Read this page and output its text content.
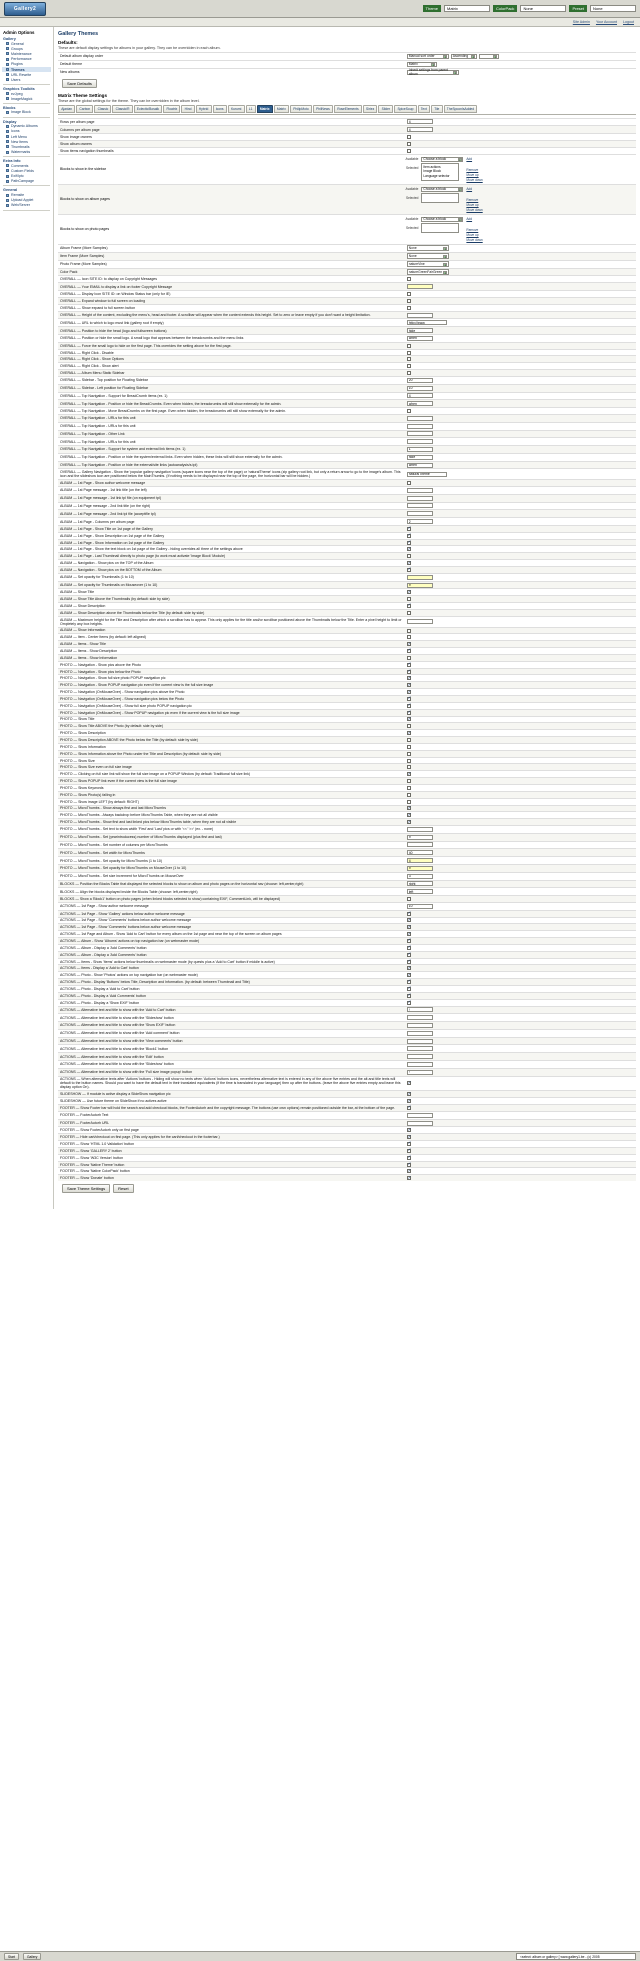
Gallery2	Theme	Matrix	ColorPack	None	Preset	None
Site Admin Your Account Logout
Admin Options
Gallery
General
Groups
Maintenance
Performance
Plugins
Themes
URL Rewrite
Users
Graphics Toolkits
ezJpeg
ImageMagick
Blocks
Image Block
Display
Dynamic Albums
Icons
Left Menu
New Items
Thumbnails
Watermarks
Extra Info
Comments
Custom Fields
Exif/Iptc
PathCampage
General
Remsite
Upload Applet
Web/Server
Gallery Themes
Defaults:
These are default display settings for albums in your gallery. They can be overridden in each album.
Default album display order	Manual sort order ▾ Ascending ▾ ▾

Default theme	Matrix ▾

New albums	Inherit settings from parent album ▾
Save Defaults
Matrix Theme Settings
These are the global settings for the theme. They can be overridden in the album level.
Ajaxian	Carbon	Classic	Classic/R	Eclectic/Bosalk	Floatrix	Hind	Hybrid	Icons	Kurumi	L1	Matrix	Matrix	PhilipMoto	PhilNews	RoseElements	Siriez	Slider	SpiceSoup	Text	Tile	TheSpoonIsAdded
Rows per album page	4
Columns per album page	4
Show image owners	
Show album owners	
Show items navigation thumbnails	
Blocks to show in the sidebar
Available
Selected
Choose a block	▾
Item actions
Image Block
Language selector
Add
Remove
Move up
Move down
Blocks to show on album pages
Available
Selected
Choose a block	▾	Add
Remove
Move up
Move down
Blocks to show on photo pages
Available
Selected
Choose a block	▾	Add
Remove
Move up
Move down
Album Frame (More Samples)	None ▾

Item Frame (More Samples)	None ▾

Photo Frame (More Samples)	natureVine ▾

Color Pack	natureGreenFairGreen ▾
OVERALL — Icon SITE ID: to display on Copyright Messages	
OVERALL — Your EMAIL to display a link on footer Copyright Message	
OVERALL — Display Icon SITE ID: on Window Status bar (only for IE)	
OVERALL — Expand window to full screen on loading	
OVERALL — Show expand to full screen button	
OVERALL — Height of the content, excluding the menu's, head and footer. A scrollbar will appear when the content extends this height. Set to zero or leave empty if you don't want a height limitation.	
OVERALL — URL to which to logo must link (gallery root if empty)	http://www.
OVERALL — Position to hide the head (logo and fullscreen buttons)	hide
OVERALL — Position or hide the small logo. A small logo that appears between the breadcrumbs and the menu links	when
OVERALL — Force the small logo to hide on the first page. This overrides the setting above for the first page.	
OVERALL — Right Click - Disable	
OVERALL — Right Click - Show Options	
OVERALL — Right Click - Show alert	
OVERALL — Album Menu Static Sidebar	
OVERALL — Sidebar - Top position for Floating Sidebar	20
OVERALL — Sidebar - Left position for Floating Sidebar	10
OVERALL — Top Navigation - Support for BreadCrumb items (ex. 1)	4
OVERALL — Top Navigation - Position or hide the BreadCrumbs. Even when hidden, the breadcrumbs will still show externally for the admin.	when
OVERALL — Top Navigation - Move BreadCrumbs on the first page. Even when hidden, the breadcrumbs will still show externally for the admin.	
OVERALL — Top Navigation - URLs for this unit	
OVERALL — Top Navigation - URLs for this unit	
OVERALL — Top Navigation - Other Link	
OVERALL — Top Navigation - URLs for this unit	
OVERALL — Top Navigation - Support for system and external link items (ex. 1)	1
OVERALL — Top Navigation - Position or hide the system/external links. Even when hidden, these links will still show externally for the admin.	hide
OVERALL — Top Navigation - Position or hide the external/site links (autoanalysis/s.tpl)	when
OVERALL — Gallery Navigation - Show the 'popular gallery navigation' icons (square icons near the top of the page) or 'naturalTheme' icons (zip gallery root link, but only a return arrow to go to the image's album. This icon and the slideshow icon are positioned below the MainThumbs. (If nothing needs to be displayed near the top of the page, the horizontal bar will be hidden.)	naturalTheme
ALBUM — 1st Page - Show author welcome message	
ALBUM — 1st Page message - 1st link title (on the left)	
ALBUM — 1st Page message - 1st link tpl file (on equipment tpl)	
ALBUM — 1st Page message - 2nd link title (on the right)	
ALBUM — 1st Page message - 2nd link tpl file (acceptfile tpl)	
ALBUM — 1st Page - Columns per album page	2
ALBUM — 1st Page - Show Title on 1st page of the Gallery	✓
ALBUM — 1st Page - Show Description on 1st page of the Gallery	✓
ALBUM — 1st Page - Show Information on 1st page of the Gallery	✓
ALBUM — 1st Page - Show the text block on 1st page of the Gallery - hiding overrides all three of the settings above	✓
ALBUM — 1st Page - Last Thumbnail directly to photo page (to work must activate 'Image Block' Module)	
ALBUM — Navigation - Show pics on the TOP of the Album	✓
ALBUM — Navigation - Show pics on the BOTTOM of the Album	✓
ALBUM — Set opacity for Thumbnails (1 to 10)	
ALBUM — Set opacity for Thumbnails on Mouseover (1 to 10)	9
ALBUM — Show Title	✓
ALBUM — Show Title Above the Thumbnails (by default: side by side)	
ALBUM — Show Description	✓
ALBUM — Show Description above the Thumbnails below the Title (by default: side by side)	
ALBUM — Maximum height for the Title and Description after which a scrollbar has to appear. This only applies for the title and/or scrollbar positioned above the Thumbnails below the Title. Enter a pixel height to limit or Ompletely any box heights.	
ALBUM — Show Information	
ALBUM — Item - Center Items (by default: left aligned)	
ALBUM — Items - Show Title	✓
ALBUM — Items - Show Description	✓
ALBUM — Items - Show Information	
PHOTO — Navigation - Show pics above the Photo	✓
PHOTO — Navigation - Show pics below the Photo	✓
PHOTO — Navigation - Show full size photo POPUP navigation pic	✓
PHOTO — Navigation - Show POPUP navigation pic even if the current view is the full size image	✓
PHOTO — Navigation (OnMouseOver) - Show navigation pics above the Photo	✓
PHOTO — Navigation (OnMouseOver) - Show navigation pics below the Photo	✓
PHOTO — Navigation (OnMouseOver) - Show full size photo POPUP navigation pic	✓
PHOTO — Navigation (OnMouseOver) - Show POPUP navigation pic even if the current view is the full size image	✓
PHOTO — Show Title	✓
PHOTO — Show Title ABOVE the Photo (by default: side by side)	
PHOTO — Show Description	✓
PHOTO — Show Description ABOVE the Photo below the Title (by default: side by side)	
PHOTO — Show Information	
PHOTO — Show Information above the Photo under the Title and Description (by default: side by side)	
PHOTO — Show Size	
PHOTO — Show Size even on full size image	
PHOTO — Clicking on full size link will show the full size image on a POPUP Window (by default: Traditional full size link)	✓
PHOTO — Show POPUP link even if the current view is the full size image	
PHOTO — Show Keywords	
PHOTO — Show Photo(s) falling in	
PHOTO — Show image LEFT (by default: RIGHT)	
PHOTO — MicroThumbs - Show always first and last MicroThumbs	✓
PHOTO — MicroThumbs - Always backdrop before MicroThumbs Table, when they are not all visible	✓
PHOTO — MicroThumbs - Show first and last linked pics below MicroThumbs table, when they are not all visible	✓
PHOTO — MicroThumbs - Set text to show width 'First' and 'Last' pics or with '<<' '>>' (ex. - none)	
PHOTO — MicroThumbs - Set (yearintroducess) number of MicroThumbs displayed (plus first and last)	9
PHOTO — MicroThumbs - Set number of columns per MicroThumbs	
PHOTO — MicroThumbs - Set width for MicroThumbs	40
PHOTO — MicroThumbs - Set opacity for MicroThumbs (1 to 10)	4
PHOTO — MicroThumbs - Set opacity for MicroThumbs on MouseOver (1 to 10)	9
PHOTO — MicroThumbs - Set size increment for MicroThumbs on MouseOver	3
BLOCKS — Position the Blocks Table that displayed the selected blocks to show on album and photo pages on the horizontal nav (choose: left,center,right)	right
BLOCKS — Align the blocks displayed inside the Blocks Table (choose: left,center,right)	left
BLOCKS — Show a 'Block1' button on photo pages (when linked blocks selected to show) containing EXIF, CommentLink, will be displayed)	
ACTIONS — 1st Page - Show author welcome message	10
ACTIONS — 1st Page - Show 'Gallery' actions below author welcome message	✓
ACTIONS — 1st Page - Show 'Comments' buttons below author welcome message	✓
ACTIONS — 1st Page - Show 'Comments' buttons below author welcome message	✓
ACTIONS — 1st Page and Album - Show 'Add to Cart' button for every album on the 1st page and near the top of the screen on album pages	✓
ACTIONS — Album - Show 'Albums' actions on top navigation bar (on webmaster mode)	✓
ACTIONS — Album - Display a 'Add Comments' button	✓
ACTIONS — Album - Display a 'Add Comments' button	✓
ACTIONS — Items - Show 'Items' actions below thumbnails on webmaster mode (by quests plus a 'Add to Cart' button if middle is active)	✓
ACTIONS — Items - Display a 'Add to Cart' button	✓
ACTIONS — Photo - Show 'Photos' actions on top navigation bar (on webmaster mode)	✓
ACTIONS — Photo - Display 'Buttons' below Title, Description and Information. (by default: between Thumbnail and Title)	✓
ACTIONS — Photo - Display a 'Add to Cart' button	✓
ACTIONS — Photo - Display a 'Add Comments' button	✓
ACTIONS — Photo - Display a 'Show EXIF' button	✓
ACTIONS — Alternative text and title to show with the 'Add to Cart' button	/
ACTIONS — Alternative text and title to show with the 'Slideshow' button	
ACTIONS — Alternative text and title to show with the 'Show EXIF' button	
ACTIONS — Alternative text and title to show with the 'Add comment' button	
ACTIONS — Alternative text and title to show with the 'View comments' button	
ACTIONS — Alternative text and title to show with the 'Block1' button	
ACTIONS — Alternative text and title to show with the 'Edit' button	
ACTIONS — Alternative text and title to show with the 'Slideshow' button	
ACTIONS — Alternative text and title to show with the 'Full size image popup' button	/
ACTIONS — When alternative texts after 'Actions' buttons - Hiding will show no texts when 'Actions' buttons icons, nevertheless alternative text is entered in any of the above five entries and the alt and title texts will default to the button names. Should you want to have the default text in their translated equivalents (if the time is translated in your language) then up after the buttons. (leave the above five entries empty and leave this display option On).	✓
SLIDESHOW — If module is active display a SlideShow navigation pic	✓
SLIDESHOW — Use future theme on SlideShow if no actives active	✓
FOOTER — Show Footer bar will hold the search and add checkout blocks, the FooterAutorh and the copyright message. The buttons (use own options) remain positioned outside the bar, at the bottom of the page.	✓
FOOTER — FooterAutorh Text	
FOOTER — FooterAutorh URL	
FOOTER — Show FooterAutorh only on first page	✓
FOOTER — Hide cart/checkout on first page. (This only applies for the cart/checkout in the footerbar.)	✓
FOOTER — Show 'HTML 1.0 Validation' button	✓
FOOTER — Show 'GALLERY 2' button	✓
FOOTER — Show 'W3C Version' button	✓
FOOTER — Show 'Native Theme' button	✓
FOOTER — Show 'Native ColorPack' button	✓
FOOTER — Show 'Donate' button	✓
Save Theme Settings	Reset
Start	Gallery	<select: album or gallery> [ www.gallery1.be - (c) 2005
